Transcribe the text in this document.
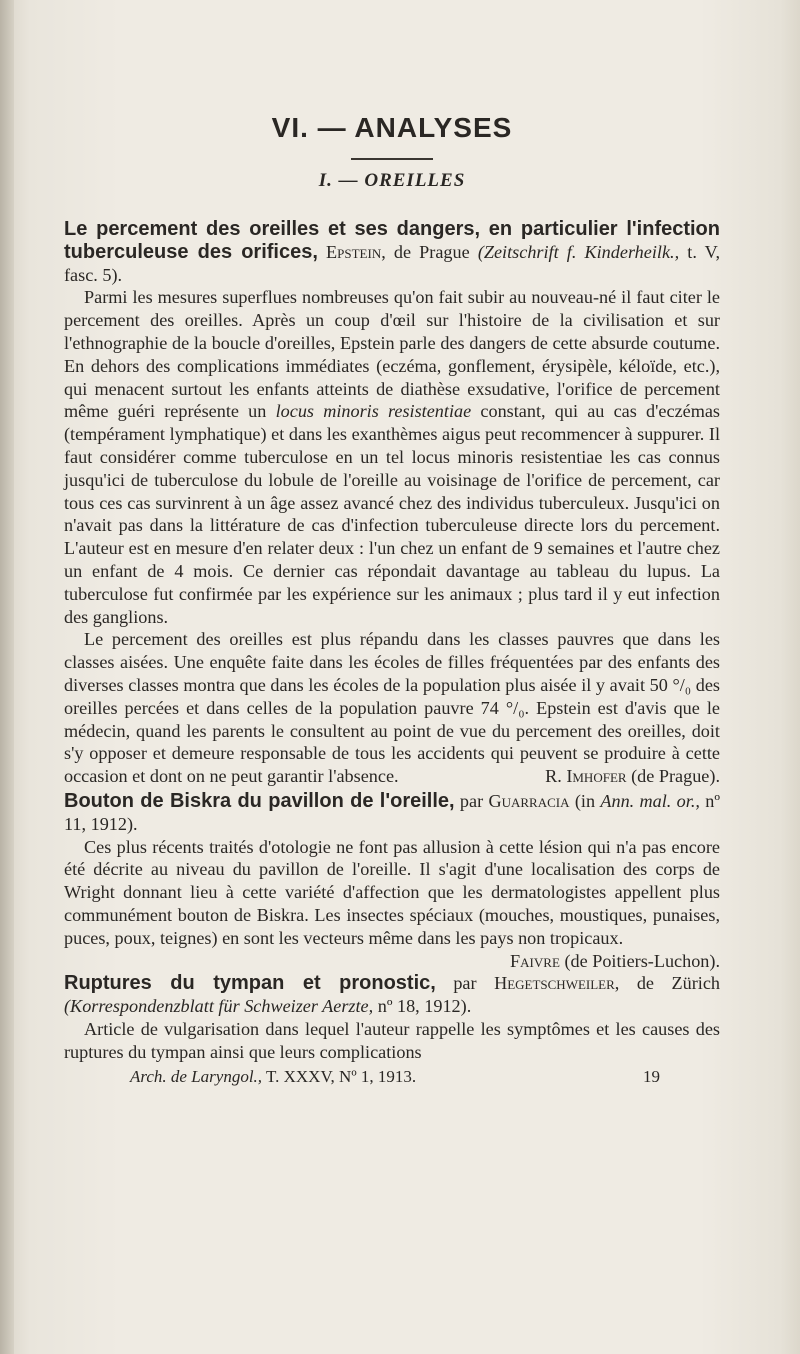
VI. — ANALYSES
I. — OREILLES

Le percement des oreilles et ses dangers, en particulier l'infection tuberculeuse des orifices, Epstein, de Prague (Zeitschrift f. Kinderheilk., t. V, fasc. 5).

Parmi les mesures superflues nombreuses qu'on fait subir au nouveau-né il faut citer le percement des oreilles. Après un coup d'œil sur l'histoire de la civilisation et sur l'ethnographie de la boucle d'oreilles, Epstein parle des dangers de cette absurde coutume. En dehors des complications immédiates (eczéma, gonflement, érysipèle, kéloïde, etc.), qui menacent surtout les enfants atteints de diathèse exsudative, l'orifice de percement même guéri représente un locus minoris resistentiae constant, qui au cas d'eczémas (tempérament lymphatique) et dans les exanthèmes aigus peut recommencer à suppurer. Il faut considérer comme tuberculose en un tel locus minoris resistentiae les cas connus jusqu'ici de tuberculose du lobule de l'oreille au voisinage de l'orifice de percement, car tous ces cas survinrent à un âge assez avancé chez des individus tuberculeux. Jusqu'ici on n'avait pas dans la littérature de cas d'infection tuberculeuse directe lors du percement. L'auteur est en mesure d'en relater deux : l'un chez un enfant de 9 semaines et l'autre chez un enfant de 4 mois. Ce dernier cas répondait davantage au tableau du lupus. La tuberculose fut confirmée par les expérience sur les animaux ; plus tard il y eut infection des ganglions.

Le percement des oreilles est plus répandu dans les classes pauvres que dans les classes aisées. Une enquête faite dans les écoles de filles fréquentées par des enfants des diverses classes montra que dans les écoles de la population plus aisée il y avait 50 °/₀ des oreilles percées et dans celles de la population pauvre 74 °/₀. Epstein est d'avis que le médecin, quand les parents le consultent au point de vue du percement des oreilles, doit s'y opposer et demeure responsable de tous les accidents qui peuvent se produire à cette occasion et dont on ne peut garantir l'absence.	R. Imhofer (de Prague).

Bouton de Biskra du pavillon de l'oreille, par Guarracia (in Ann. mal. or., nº 11, 1912).

Ces plus récents traités d'otologie ne font pas allusion à cette lésion qui n'a pas encore été décrite au niveau du pavillon de l'oreille. Il s'agit d'une localisation des corps de Wright donnant lieu à cette variété d'affection que les dermatologistes appellent plus communément bouton de Biskra. Les insectes spéciaux (mouches, moustiques, punaises, puces, poux, teignes) en sont les vecteurs même dans les pays non tropicaux.
Faivre (de Poitiers-Luchon).

Ruptures du tympan et pronostic, par Hegetschweiler, de Zürich (Korrespondenzblatt für Schweizer Aerzte, nº 18, 1912).

Article de vulgarisation dans lequel l'auteur rappelle les symptômes et les causes des ruptures du tympan ainsi que leurs complications

Arch. de Laryngol., T. XXXV, Nº 1, 1913.	19
